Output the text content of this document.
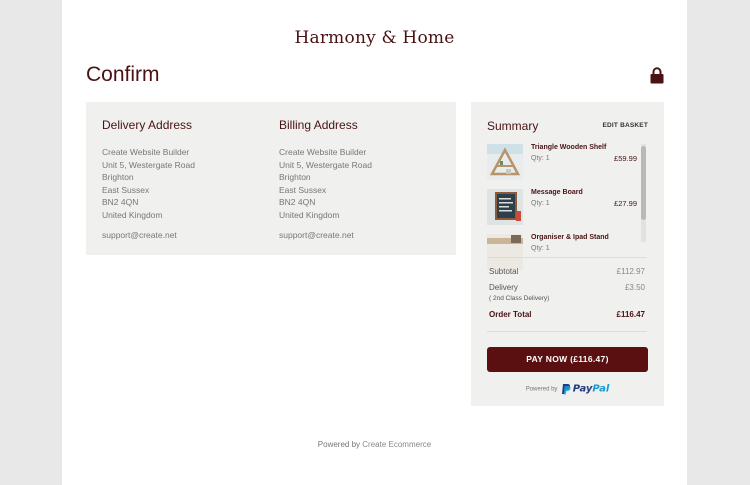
Harmony & Home
Confirm
Delivery Address
Create Website Builder
Unit 5, Westergate Road
Brighton
East Sussex
BN2 4QN
United Kingdom
support@create.net
Billing Address
Create Website Builder
Unit 5, Westergate Road
Brighton
East Sussex
BN2 4QN
United Kingdom
support@create.net
Summary	EDIT BASKET
Triangle Wooden Shelf
Qty: 1	£59.99
Message Board
Qty: 1	£27.99
Organiser & Ipad Stand
Qty: 1
Subtotal	£112.97
Delivery	£3.50
( 2nd Class Delivery)
Order Total	£116.47
PAY NOW (£116.47)
Powered by PayPal
Powered by Create Ecommerce
